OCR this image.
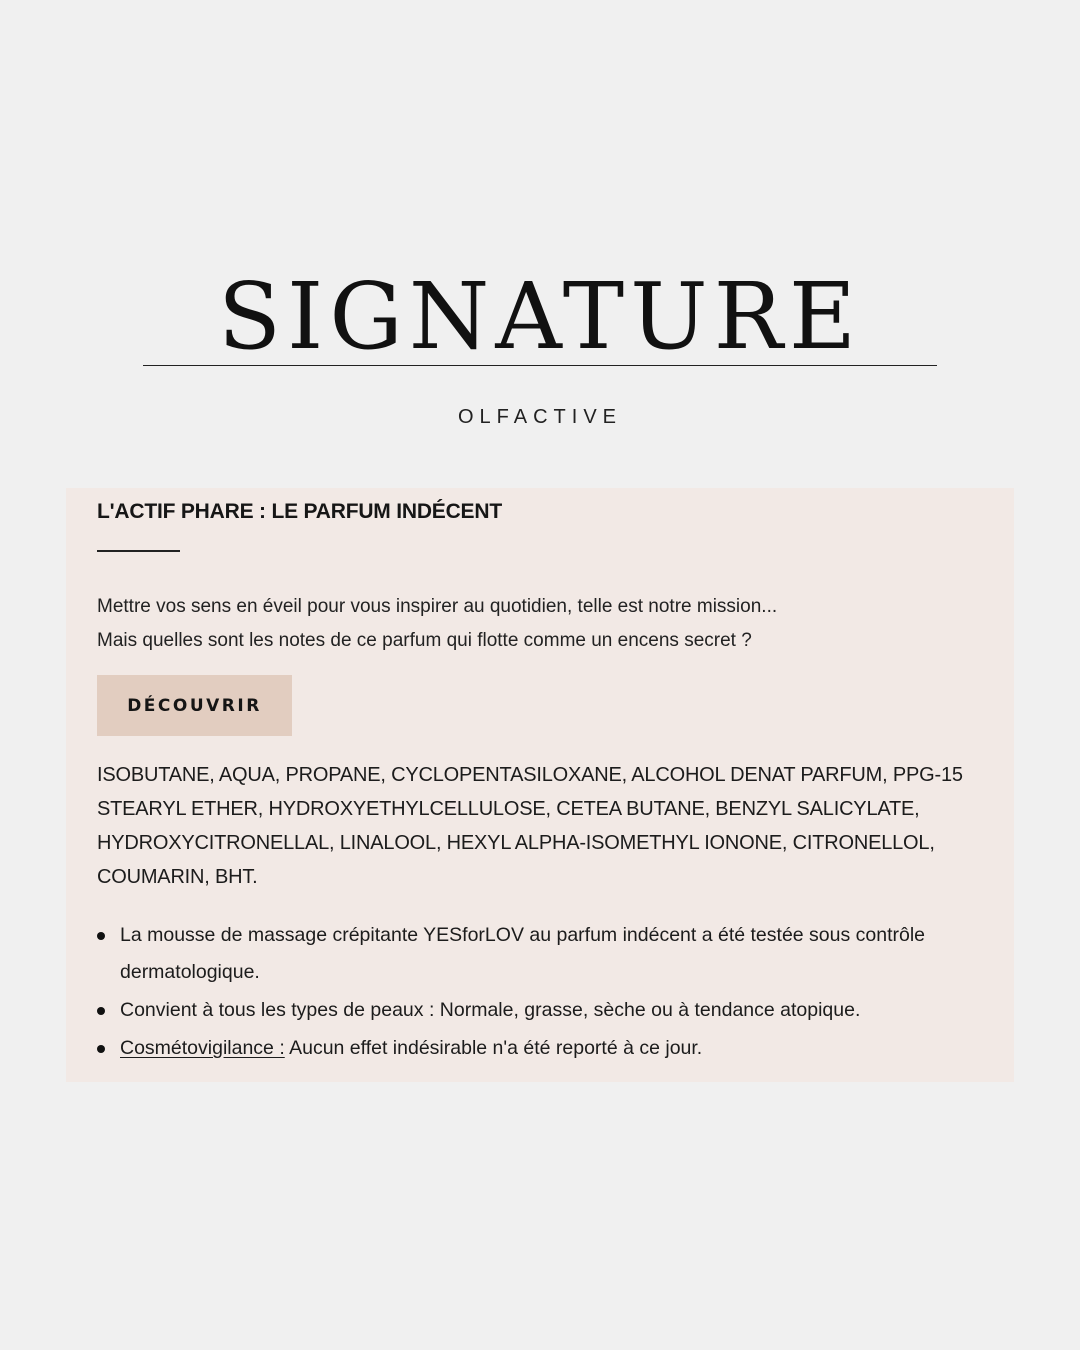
SIGNATURE
OLFACTIVE
L'ACTIF PHARE : LE PARFUM INDÉCENT
Mettre vos sens en éveil pour vous inspirer au quotidien, telle est notre mission...
Mais quelles sont les notes de ce parfum qui flotte comme un encens secret ?
DÉCOUVRIR

ISOBUTANE, AQUA, PROPANE, CYCLOPENTASILOXANE, ALCOHOL DENAT PARFUM, PPG-15 STEARYL ETHER, HYDROXYETHYLCELLULOSE, CETEA BUTANE, BENZYL SALICYLATE, HYDROXYCITRONELLAL, LINALOOL, HEXYL ALPHA-ISOMETHYL IONONE, CITRONELLOL, COUMARIN, BHT.

La mousse de massage crépitante YESforLOV au parfum indécent a été testée sous contrôle dermatologique.
Convient à tous les types de peaux : Normale, grasse, sèche ou à tendance atopique.
Cosmétovigilance : Aucun effet indésirable n'a été reporté à ce jour.
